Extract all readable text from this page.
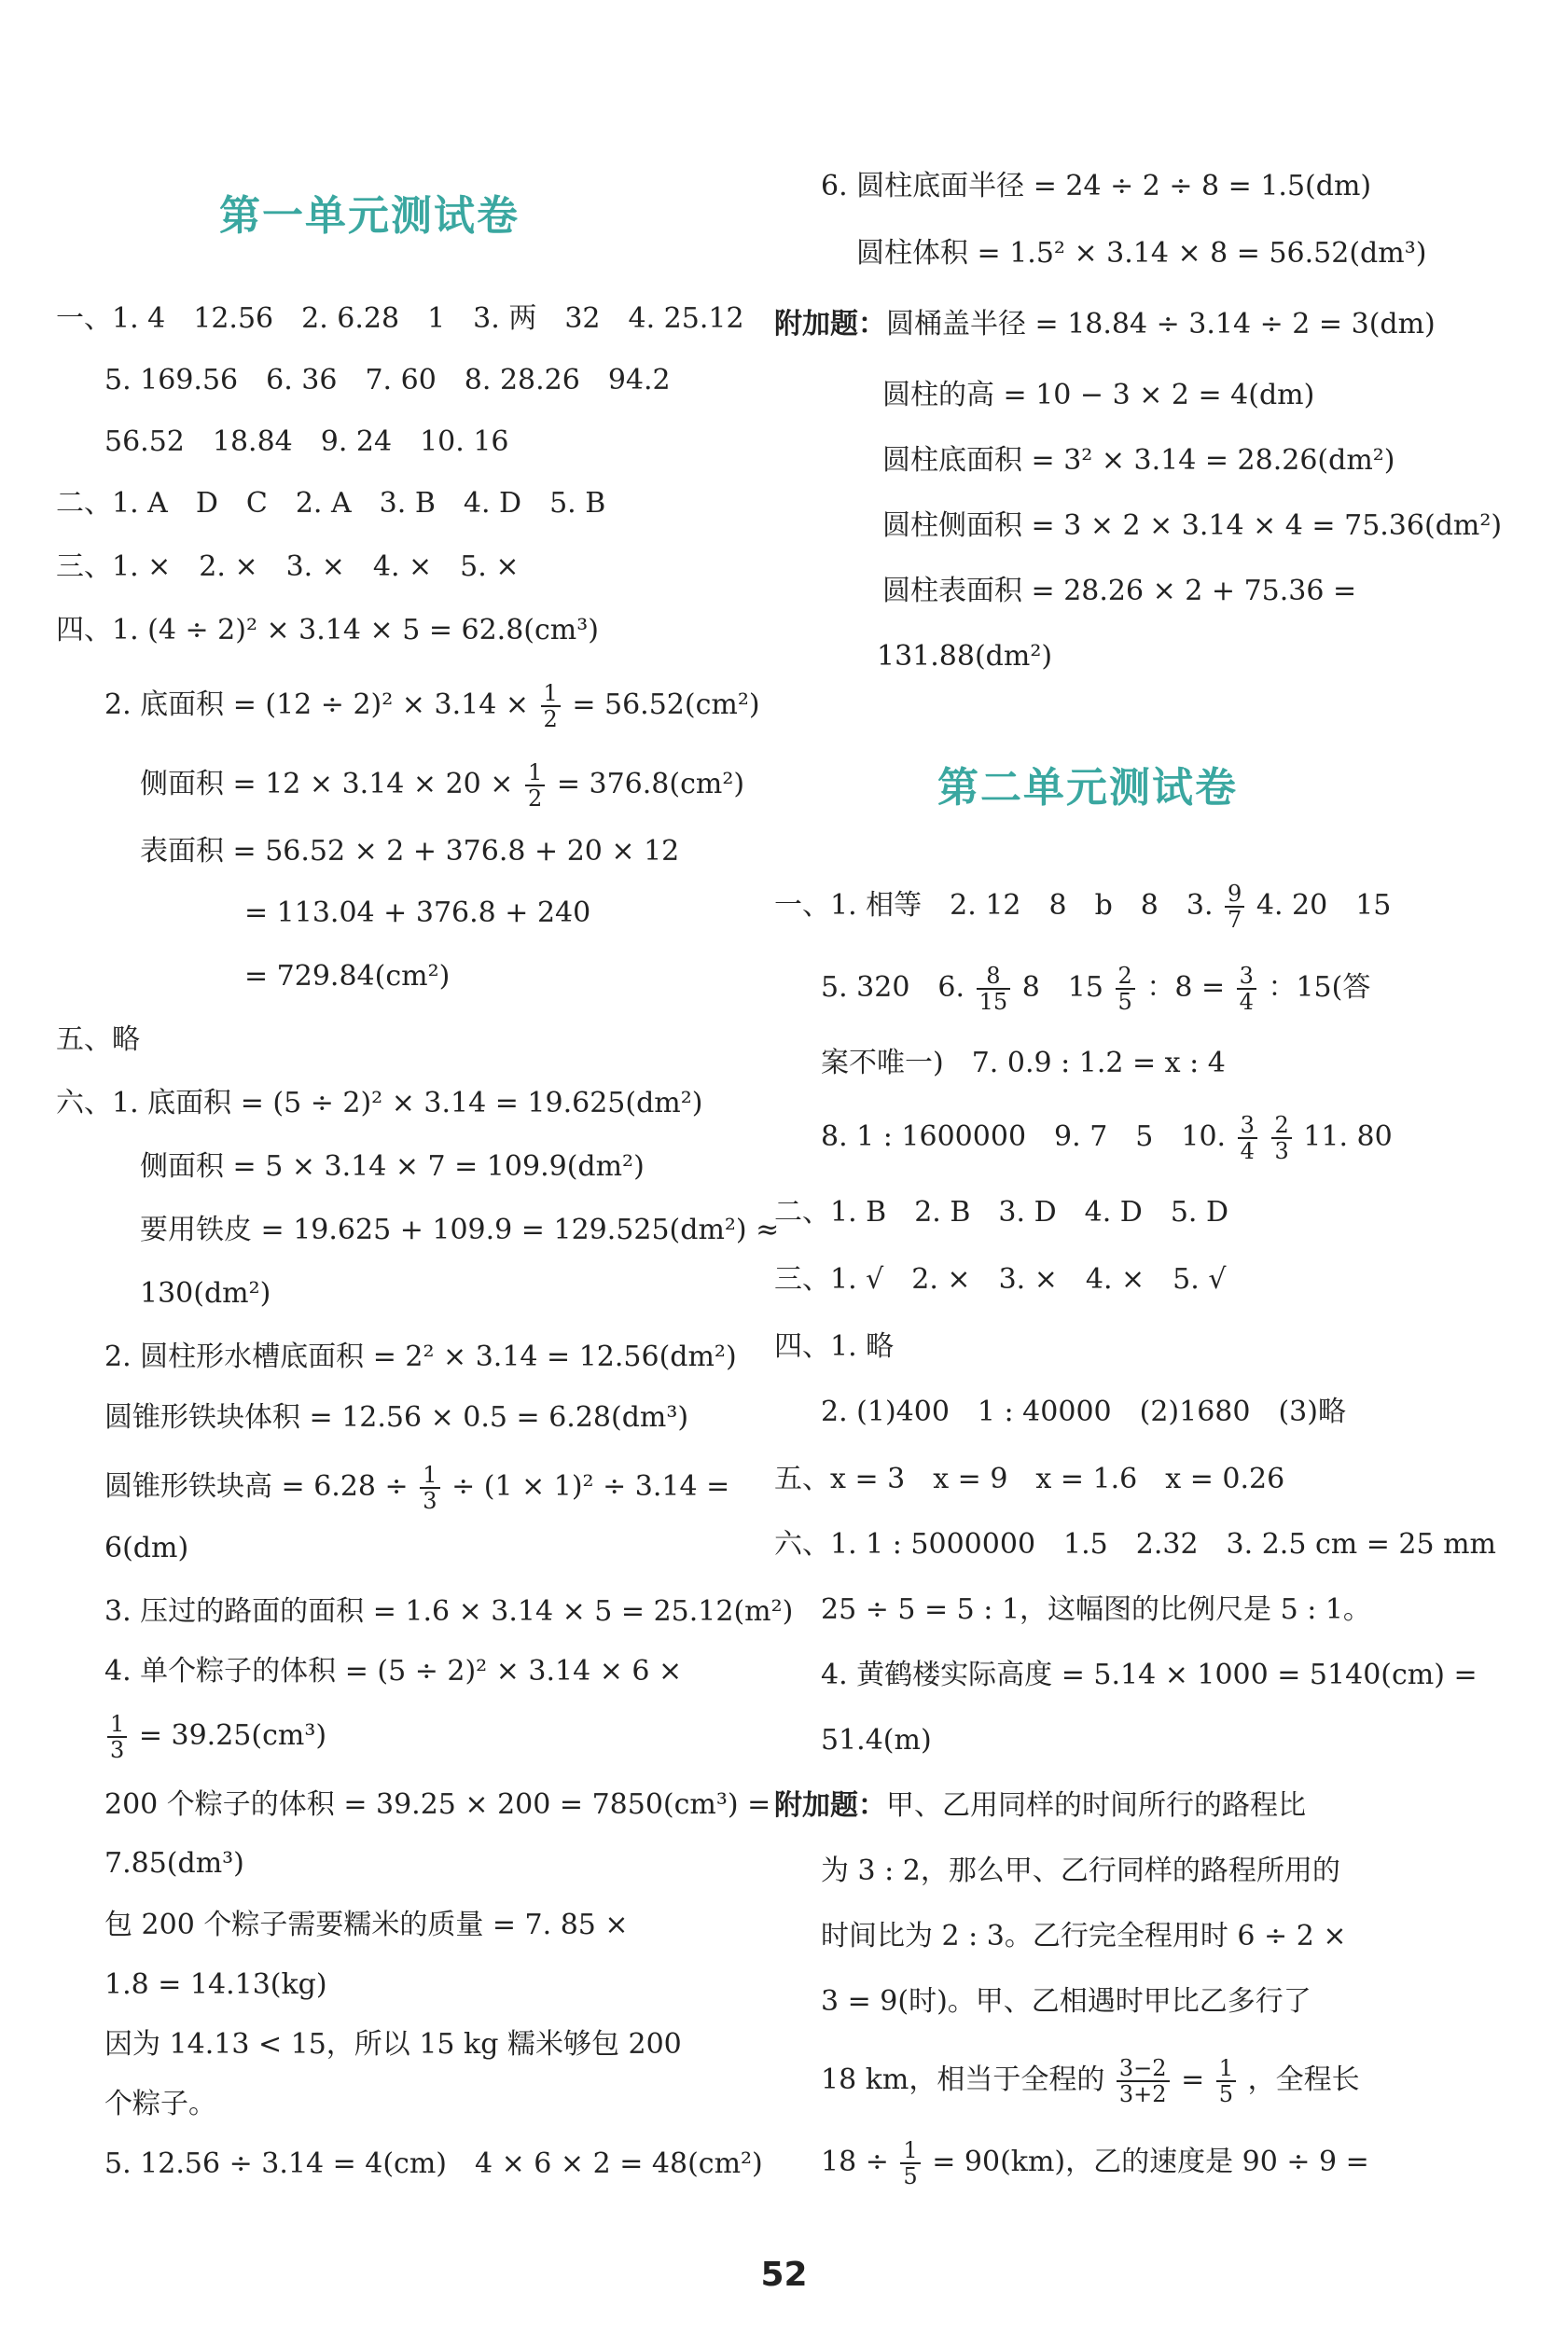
第一单元测试卷
一、1. 4　12.56　2. 6.28　1　3. 两　32　4. 25.12
5. 169.56　6. 36　7. 60　8. 28.26　94.2
56.52　18.84　9. 24　10. 16
二、1. A　D　C　2. A　3. B　4. D　5. B
三、1. ×　2. ×　3. ×　4. ×　5. ×
四、1. (4 ÷ 2)² × 3.14 × 5 = 62.8(cm³)
2. 底面积 = $(12 \div 2)^2 \times 3.14 \times \frac{1}{2} = 56.52(cm^2)$
侧面积 = $12 \times 3.14 \times 20 \times \frac{1}{2} = 376.8(cm^2)$
表面积 = 56.52 × 2 + 376.8 + 20 × 12
= 113.04 + 376.8 + 240
= 729.84(cm²)
五、略
六、1. 底面积 = (5 ÷ 2)² × 3.14 = 19.625(dm²)
侧面积 = 5 × 3.14 × 7 = 109.9(dm²)
要用铁皮 = 19.625 + 109.9 = 129.525(dm²) ≈
130(dm²)
2. 圆柱形水槽底面积 = 2² × 3.14 = 12.56(dm²)
圆锥形铁块体积 = 12.56 × 0.5 = 6.28(dm³)
圆锥形铁块高 = $6.28 \div \frac{1}{3} \div (1 \times 1)^2 \div 3.14$ =
6(dm)
3. 压过的路面的面积 = 1.6 × 3.14 × 5 = 25.12(m²)
4. 单个粽子的体积 = (5 ÷ 2)² × 3.14 × 6 ×
$\frac{1}{3} = 39.25(cm^3)$
200 个粽子的体积 = 39.25 × 200 = 7850(cm³) =
7.85(dm³)
包 200 个粽子需要糯米的质量 = 7. 85 ×
1.8 = 14.13(kg)
因为 14.13 < 15，所以 15 kg 糯米够包 200
个粽子。
5. 12.56 ÷ 3.14 = 4(cm)　4 × 6 × 2 = 48(cm²)
6. 圆柱底面半径 = 24 ÷ 2 ÷ 8 = 1.5(dm)
圆柱体积 = 1.5² × 3.14 × 8 = 56.52(dm³)
附加题：圆桶盖半径 = 18.84 ÷ 3.14 ÷ 2 = 3(dm)
圆柱的高 = 10 − 3 × 2 = 4(dm)
圆柱底面积 = 3² × 3.14 = 28.26(dm²)
圆柱侧面积 = 3 × 2 × 3.14 × 4 = 75.36(dm²)
圆柱表面积 = 28.26 × 2 + 75.36 =
131.88(dm²)
第二单元测试卷
一、1. 相等　2. 12　8　b　8　3. $\frac{9}{7} 4$. 20　15
5. 320　6. $\frac{8}{15} 8$　$15 \frac{2}{5}$ ：$8 = \frac{3}{4}$ ：15(答
案不唯一)　7. 0.9 : 1.2 = x : 4
8. 1 : 1600000　9. 7　5　10. $\frac{3}{4}$
$\frac{2}{3} 11$. 80
二、1. B　2. B　3. D　4. D　5. D
三、1. √　2. ×　3. ×　4. ×　5. √
四、1. 略
2. (1)400　1 : 40000　(2)1680　(3)略
五、x = 3　x = 9　x = 1.6　x = 0.26
六、1. 1 : 5000000　1.5　2.32　3. 2.5 cm = 25 mm
25 ÷ 5 = 5 : 1，这幅图的比例尺是 5 : 1。
4. 黄鹤楼实际高度 = 5.14 × 1000 = 5140(cm) =
51.4(m)
附加题：甲、乙用同样的时间所行的路程比
为 3 : 2，那么甲、乙行同样的路程所用的
时间比为 2 : 3。乙行完全程用时 6 ÷ 2 ×
3 = 9(时)。甲、乙相遇时甲比乙多行了
18 km，相当于全程的 $\frac{3-2}{3+2} = \frac{1}{5}$ ，全程长
$18 \div \frac{1}{5} = 90(km)$，乙的速度是 90 ÷ 9 =
52
